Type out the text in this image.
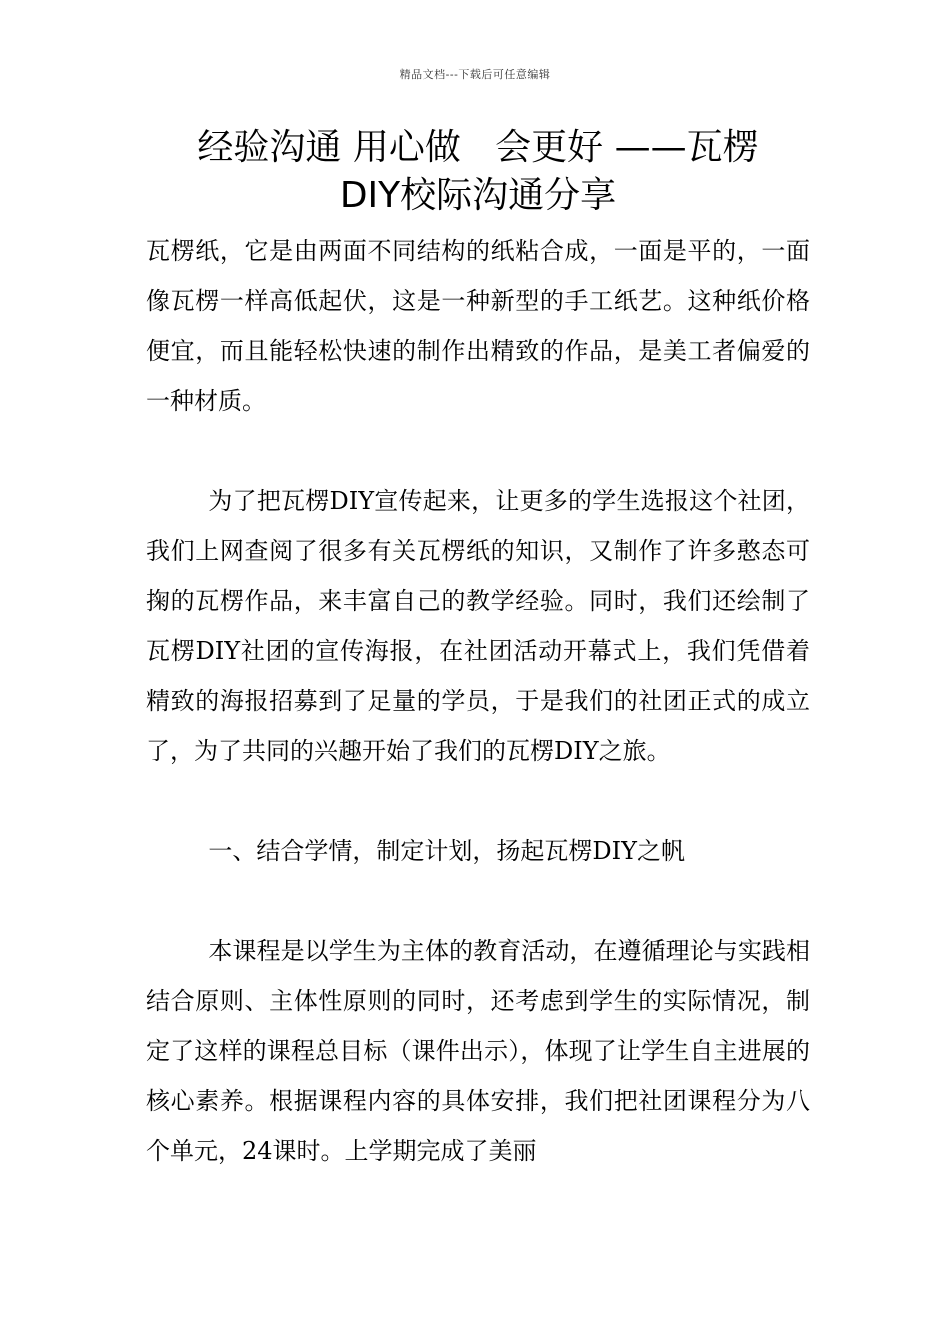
精品文档---下载后可任意编辑
经验沟通 用心做   会更好 ——瓦楞
DIY校际沟通分享

瓦楞纸，它是由两面不同结构的纸粘合成，一面是平的，一面像瓦楞一样高低起伏，这是一种新型的手工纸艺。这种纸价格便宜，而且能轻松快速的制作出精致的作品，是美工者偏爱的一种材质。

为了把瓦楞DIY宣传起来，让更多的学生选报这个社团，我们上网查阅了很多有关瓦楞纸的知识，又制作了许多憨态可掬的瓦楞作品，来丰富自己的教学经验。同时，我们还绘制了瓦楞DIY社团的宣传海报，在社团活动开幕式上，我们凭借着精致的海报招募到了足量的学员，于是我们的社团正式的成立了，为了共同的兴趣开始了我们的瓦楞DIY之旅。

一、结合学情，制定计划，扬起瓦楞DIY之帆

本课程是以学生为主体的教育活动，在遵循理论与实践相结合原则、主体性原则的同时，还考虑到学生的实际情况，制定了这样的课程总目标（课件出示），体现了让学生自主进展的核心素养。根据课程内容的具体安排，我们把社团课程分为八个单元，24课时。上学期完成了美丽
